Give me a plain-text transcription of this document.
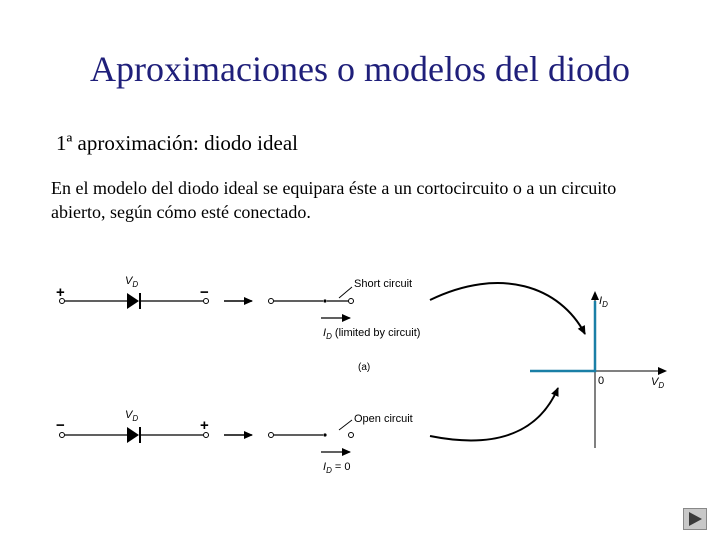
Aproximaciones o modelos del diodo

1ª aproximación: diodo ideal

En el modelo del diodo ideal se equipara éste a un cortocircuito o a un circuito abierto, según cómo esté conectado.

+	−
$V_D$	Short circuit
$I_D$ (limited by circuit)
(a)
−	+
$V_D$	Open circuit
$I_D = 0$
$I_D$
$V_D$
0
